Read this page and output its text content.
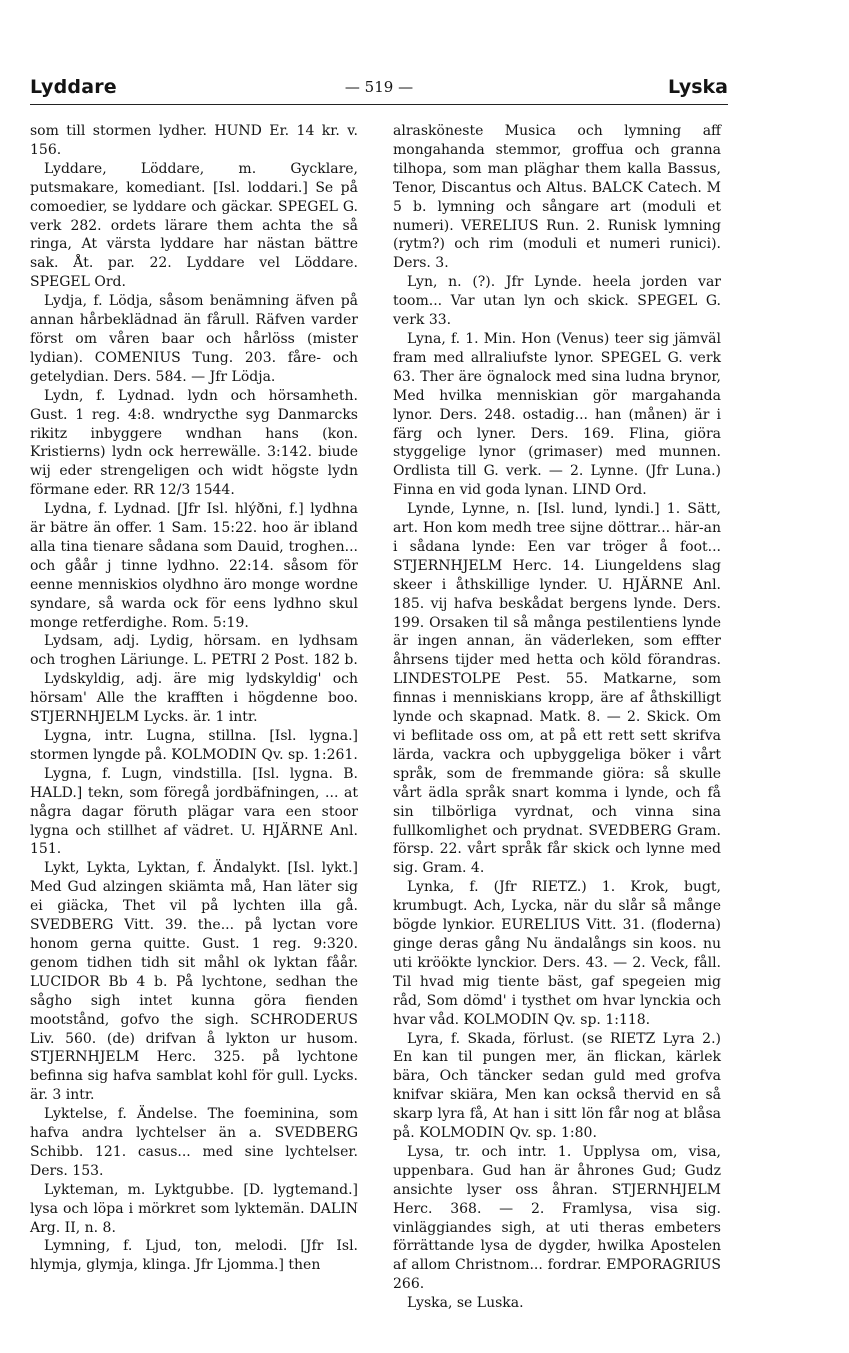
Lyddare	— 519 —	Lyska

som till stormen lydher. HUND Er. 14 kr. v. 156.

Lyddare, Löddare, m. Gycklare, putsmakare, komediant. [Isl. loddari.] Se på comoedier, se lyddare och gäckar. SPEGEL G. verk 282. ordets lärare them achta the så ringa, At värsta lyddare har nästan bättre sak. Åt. par. 22. Lyddare vel Löddare. SPEGEL Ord.

Lydja, f. Lödja, såsom benämning äfven på annan hårbeklädnad än fårull. Räfven varder först om våren baar och hårlöss (mister lydian). COMENIUS Tung. 203. fåre- och getelydian. Ders. 584. — Jfr Lödja.

Lydn, f. Lydnad. lydn och hörsamheth. Gust. 1 reg. 4:8. wndrycthe syg Danmarcks rikitz inbyggere wndhan hans (kon. Kristierns) lydn ock herrewälle. 3:142. biude wij eder strengeligen och widt högste lydn förmane eder. RR 12/3 1544.

Lydna, f. Lydnad. [Jfr Isl. hlýðni, f.] lydhna är bätre än offer. 1 Sam. 15:22. hoo är ibland alla tina tienare sådana som Dauid, troghen... och gåår j tinne lydhno. 22:14. såsom för eenne menniskios olydhno äro monge wordne syndare, så warda ock för eens lydhno skul monge retferdighe. Rom. 5:19.

Lydsam, adj. Lydig, hörsam. en lydhsam och troghen Läriunge. L. PETRI 2 Post. 182 b.

Lydskyldig, adj. äre mig lydskyldig' och hörsam' Alle the krafften i högdenne boo. STJERNHJELM Lycks. är. 1 intr.

Lygna, intr. Lugna, stillna. [Isl. lygna.] stormen lyngde på. KOLMODIN Qv. sp. 1:261.

Lygna, f. Lugn, vindstilla. [Isl. lygna. B. HALD.] tekn, som föregå jordbäfningen, ... at några dagar föruth plägar vara een stoor lygna och stillhet af vädret. U. HJÄRNE Anl. 151.

Lykt, Lykta, Lyktan, f. Ändalykt. [Isl. lykt.] Med Gud alzingen skiämta må, Han läter sig ei giäcka, Thet vil på lychten illa gå. SVEDBERG Vitt. 39. the... på lyctan vore honom gerna quitte. Gust. 1 reg. 9:320. genom tidhen tidh sit måhl ok lyktan fåår. LUCIDOR Bb 4 b. På lychtone, sedhan the sågho sigh intet kunna göra fienden mootstånd, gofvo the sigh. SCHRODERUS Liv. 560. (de) drifvan å lykton ur husom. STJERNHJELM Herc. 325. på lychtone befinna sig hafva samblat kohl för gull. Lycks. är. 3 intr.

Lyktelse, f. Ändelse. The foeminina, som hafva andra lychtelser än a. SVEDBERG Schibb. 121. casus... med sine lychtelser. Ders. 153.

Lykteman, m. Lyktgubbe. [D. lygtemand.] lysa och löpa i mörkret som lyktemän. DALIN Arg. II, n. 8.

Lymning, f. Ljud, ton, melodi. [Jfr Isl. hlymja, glymja, klinga. Jfr Ljomma.] then

alrasköneste Musica och lymning aff mongahanda stemmor, groffua och granna tilhopa, som man pläghar them kalla Bassus, Tenor, Discantus och Altus. BALCK Catech. M 5 b. lymning och sångare art (moduli et numeri). VERELIUS Run. 2. Runisk lymning (rytm?) och rim (moduli et numeri runici). Ders. 3.

Lyn, n. (?). Jfr Lynde. heela jorden var toom... Var utan lyn och skick. SPEGEL G. verk 33.

Lyna, f. 1. Min. Hon (Venus) teer sig jämväl fram med allraliufste lynor. SPEGEL G. verk 63. Ther äre ögnalock med sina ludna brynor, Med hvilka menniskian gör margahanda lynor. Ders. 248. ostadig... han (månen) är i färg och lyner. Ders. 169. Flina, giöra styggelige lynor (grimaser) med munnen. Ordlista till G. verk. — 2. Lynne. (Jfr Luna.) Finna en vid goda lynan. LIND Ord.

Lynde, Lynne, n. [Isl. lund, lyndi.] 1. Sätt, art. Hon kom medh tree sijne döttrar... här-an i sådana lynde: Een var tröger å foot... STJERNHJELM Herc. 14. Liungeldens slag skeer i åthskillige lynder. U. HJÄRNE Anl. 185. vij hafva beskådat bergens lynde. Ders. 199. Orsaken til så många pestilentiens lynde är ingen annan, än väderleken, som effter åhrsens tijder med hetta och köld förandras. LINDESTOLPE Pest. 55. Matkarne, som finnas i menniskians kropp, äre af åthskilligt lynde och skapnad. Matk. 8. — 2. Skick. Om vi beflitade oss om, at på ett rett sett skrifva lärda, vackra och upbyggeliga böker i vårt språk, som de fremmande giöra: så skulle vårt ädla språk snart komma i lynde, och få sin tilbörliga vyrdnat, och vinna sina fullkomlighet och prydnat. SVEDBERG Gram. försp. 22. vårt språk får skick och lynne med sig. Gram. 4.

Lynka, f. (Jfr RIETZ.) 1. Krok, bugt, krumbugt. Ach, Lycka, när du slår så månge bögde lynkior. EURELIUS Vitt. 31. (floderna) ginge deras gång Nu ändalångs sin koos. nu uti kröökte lynckior. Ders. 43. — 2. Veck, fåll. Til hvad mig tiente bäst, gaf spegeien mig råd, Som dömd' i tysthet om hvar lynckia och hvar våd. KOLMODIN Qv. sp. 1:118.

Lyra, f. Skada, förlust. (se RIETZ Lyra 2.) En kan til pungen mer, än flickan, kärlek bära, Och täncker sedan guld med grofva knifvar skiära, Men kan också thervid en så skarp lyra få, At han i sitt lön får nog at blåsa på. KOLMODIN Qv. sp. 1:80.

Lysa, tr. och intr. 1. Upplysa om, visa, uppenbara. Gud han är åhrones Gud; Gudz ansichte lyser oss åhran. STJERNHJELM Herc. 368. — 2. Framlysa, visa sig. vinläggiandes sigh, at uti theras embeters förrättande lysa de dygder, hwilka Apostelen af allom Christnom... fordrar. EMPORAGRIUS 266.

Lyska, se Luska.
